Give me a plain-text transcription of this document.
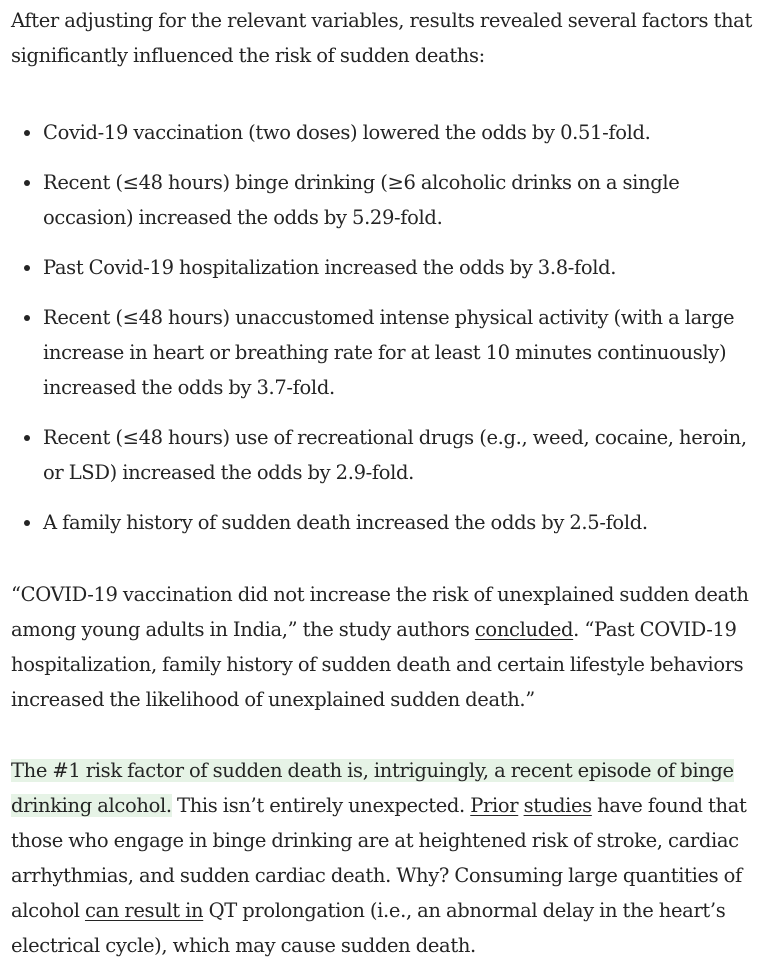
After adjusting for the relevant variables, results revealed several factors that significantly influenced the risk of sudden deaths:

Covid-19 vaccination (two doses) lowered the odds by 0.51-fold.
Recent (≤48 hours) binge drinking (≥6 alcoholic drinks on a single occasion) increased the odds by 5.29-fold.
Past Covid-19 hospitalization increased the odds by 3.8-fold.
Recent (≤48 hours) unaccustomed intense physical activity (with a large increase in heart or breathing rate for at least 10 minutes continuously) increased the odds by 3.7-fold.
Recent (≤48 hours) use of recreational drugs (e.g., weed, cocaine, heroin, or LSD) increased the odds by 2.9-fold.
A family history of sudden death increased the odds by 2.5-fold.

“COVID-19 vaccination did not increase the risk of unexplained sudden death among young adults in India,” the study authors concluded. “Past COVID-19 hospitalization, family history of sudden death and certain lifestyle behaviors increased the likelihood of unexplained sudden death.”

The #1 risk factor of sudden death is, intriguingly, a recent episode of binge drinking alcohol. This isn’t entirely unexpected. Prior studies have found that those who engage in binge drinking are at heightened risk of stroke, cardiac arrhythmias, and sudden cardiac death. Why? Consuming large quantities of alcohol can result in QT prolongation (i.e., an abnormal delay in the heart’s electrical cycle), which may cause sudden death.
